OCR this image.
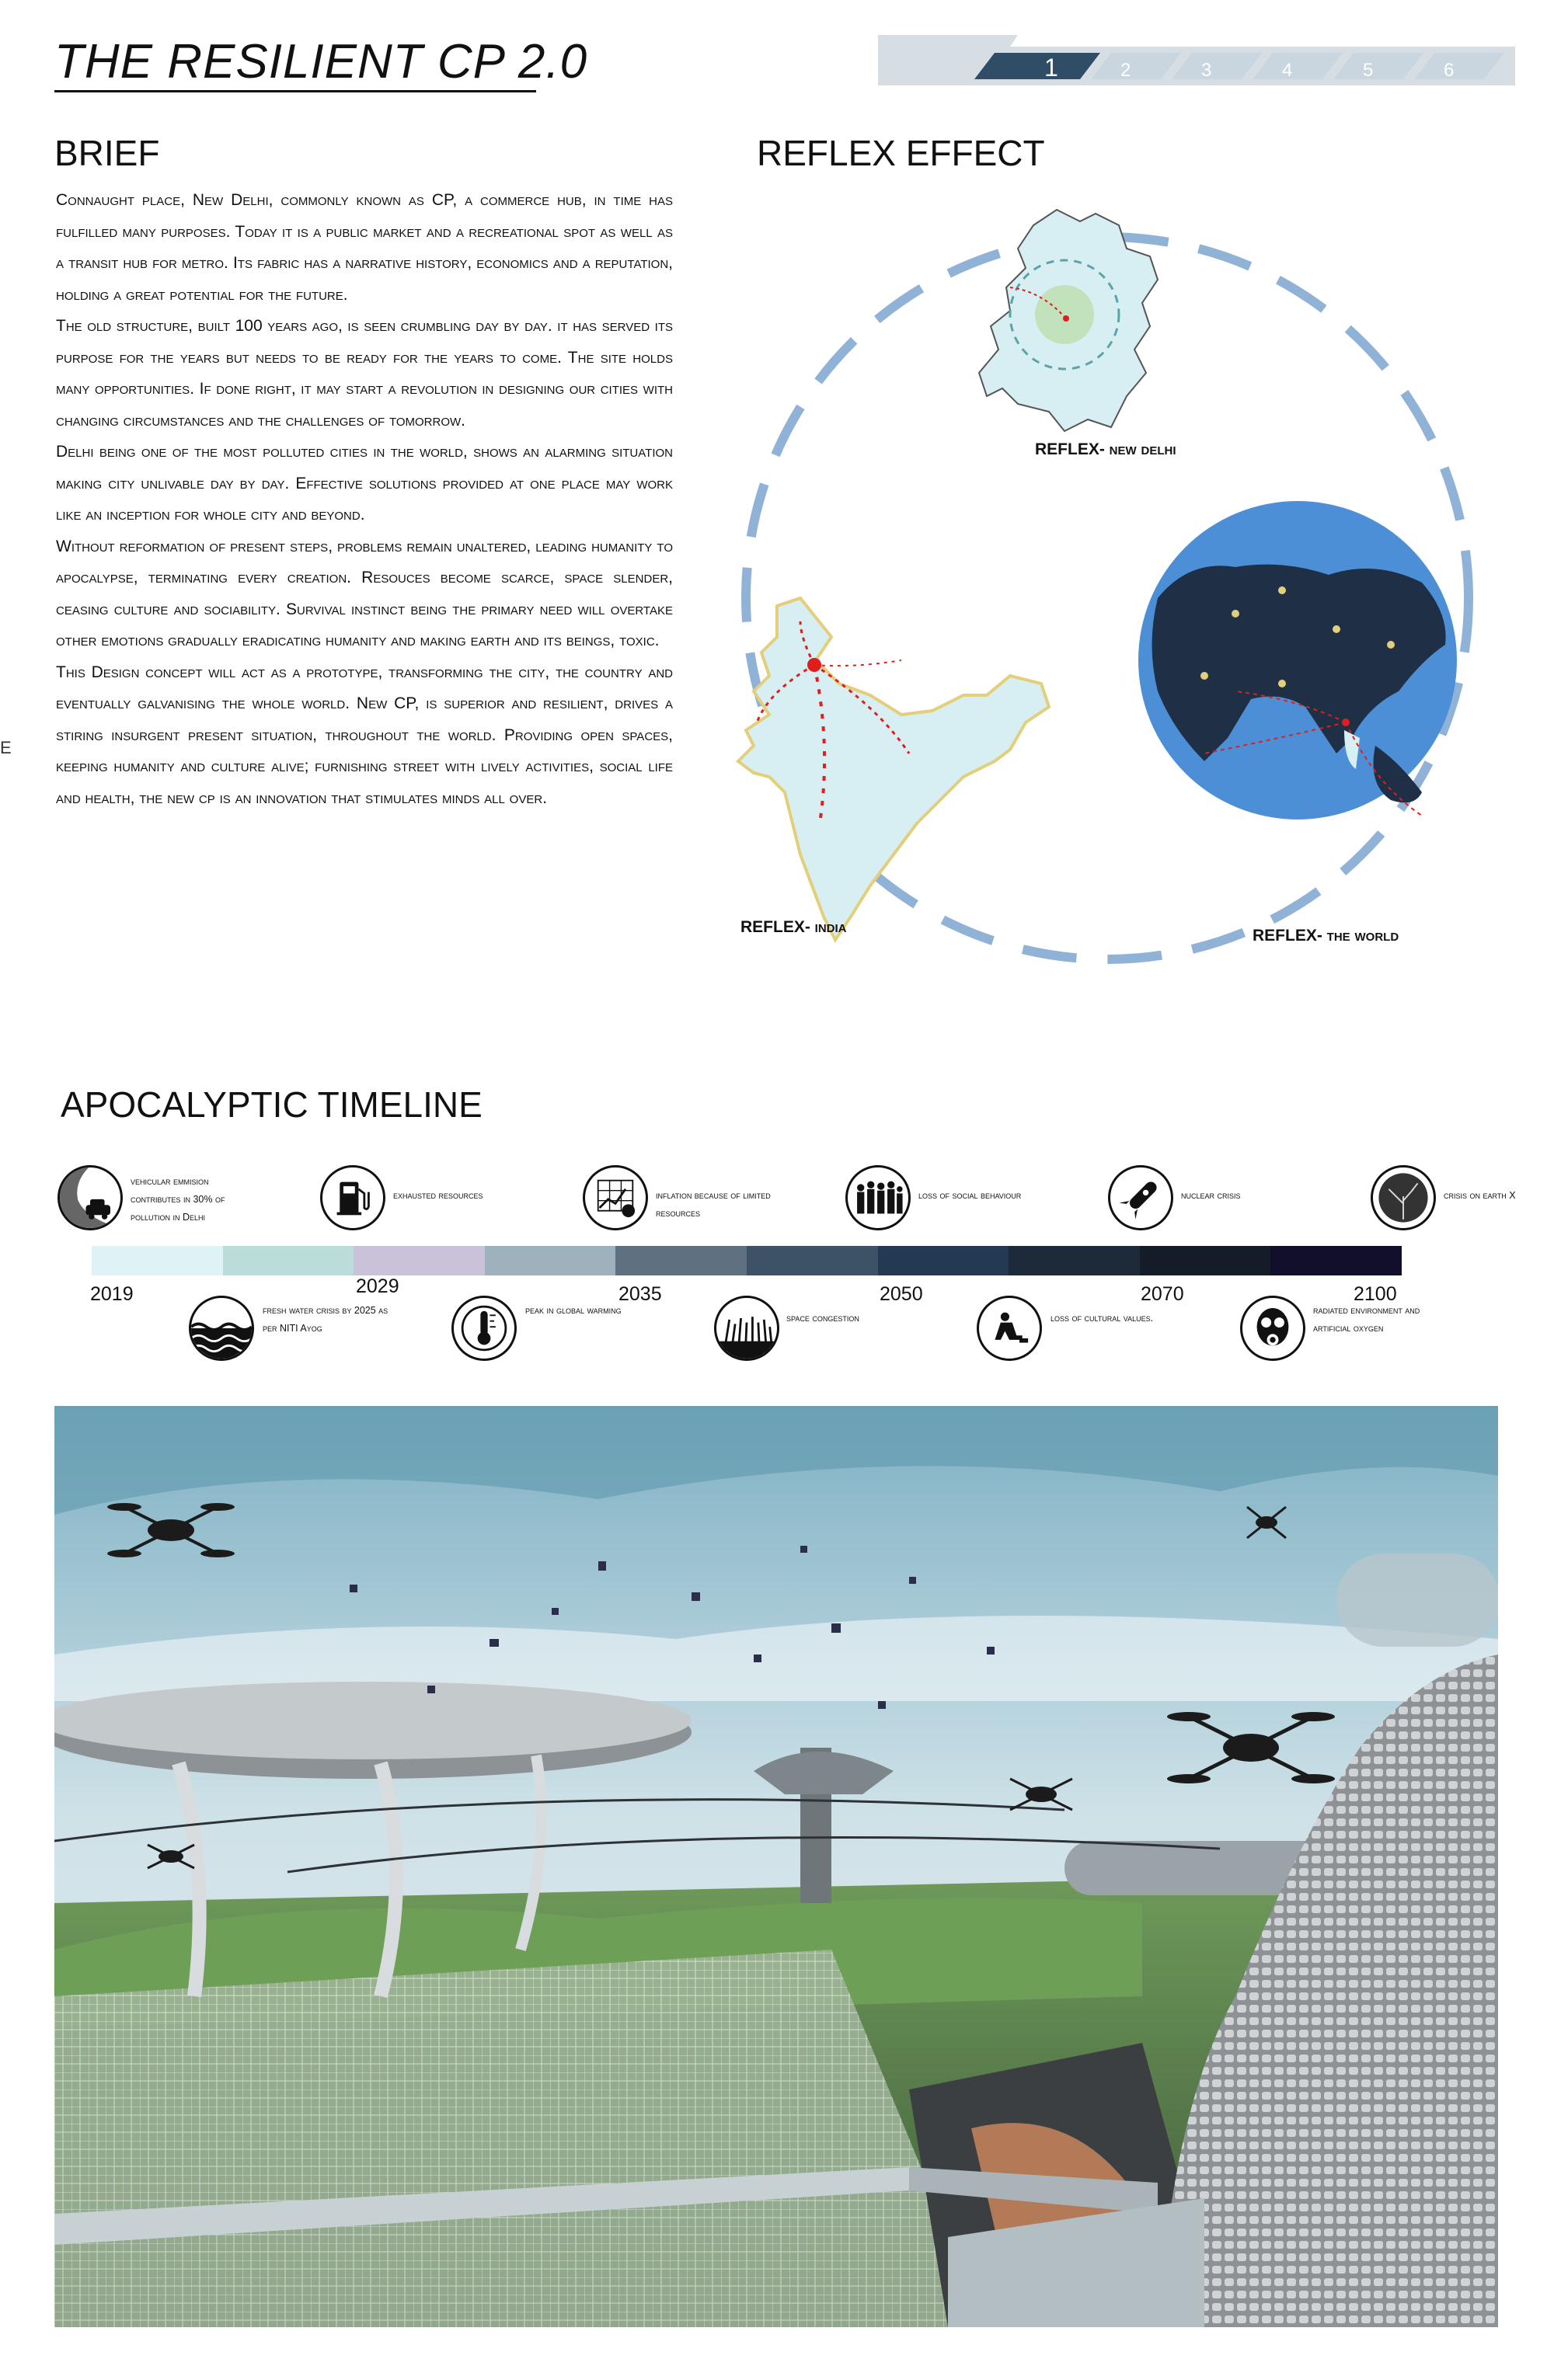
THE RESILIENT CP 2.0	1	2	3	4	5	6
BRIEF	REFLEX EFFECT

Connaught place, New Delhi, commonly known as CP, a commerce hub, in time has fulfilled many purposes. Today it is a public market and a recreational spot as well as a transit hub for metro. Its fabric has a narrative history, economics and a reputation, holding a great potential for the future.

The old structure, built 100 years ago, is seen crumbling day by day. it has served its purpose for the years but needs to be ready for the years to come. The site holds many opportunities. If done right, it may start a revolution in designing our cities with changing circumstances and the challenges of tomorrow.

Delhi being one of the most polluted cities in the world, shows an alarming situation making city unlivable day by day. Effective solutions provided at one place may work like an inception for whole city and beyond.

Without reformation of present steps, problems remain unaltered, leading humanity to apocalypse, terminating every creation. Resouces become scarce, space slender, ceasing culture and sociability. Survival instinct being the primary need will overtake other emotions gradually eradicating humanity and making earth and its beings, toxic.

This Design concept will act as a prototype, transforming the city, the country and eventually galvanising the whole world. New CP, is superior and resilient, drives a stiring insurgent present situation, throughout the world. Providing open spaces, keeping humanity and culture alive; furnishing street with lively activities, social life and health, the new cp is an innovation that stimulates minds all over.

E
REFLEX- new delhi
REFLEX- india	REFLEX- the world
APOCALYPTIC TIMELINE
2019	2029	2035	2050	2070	2100
vehicular emmision contributes in 30% of pollution in Delhi
exhausted resources	inflation because of limited resources
loss of social behaviour	nuclear crisis	crisis on earth X
fresh water crisis by 2025 as per NITI Ayog
peak in global warming
space congestion	loss of cultural values.
radiated environment and artificial oxygen
